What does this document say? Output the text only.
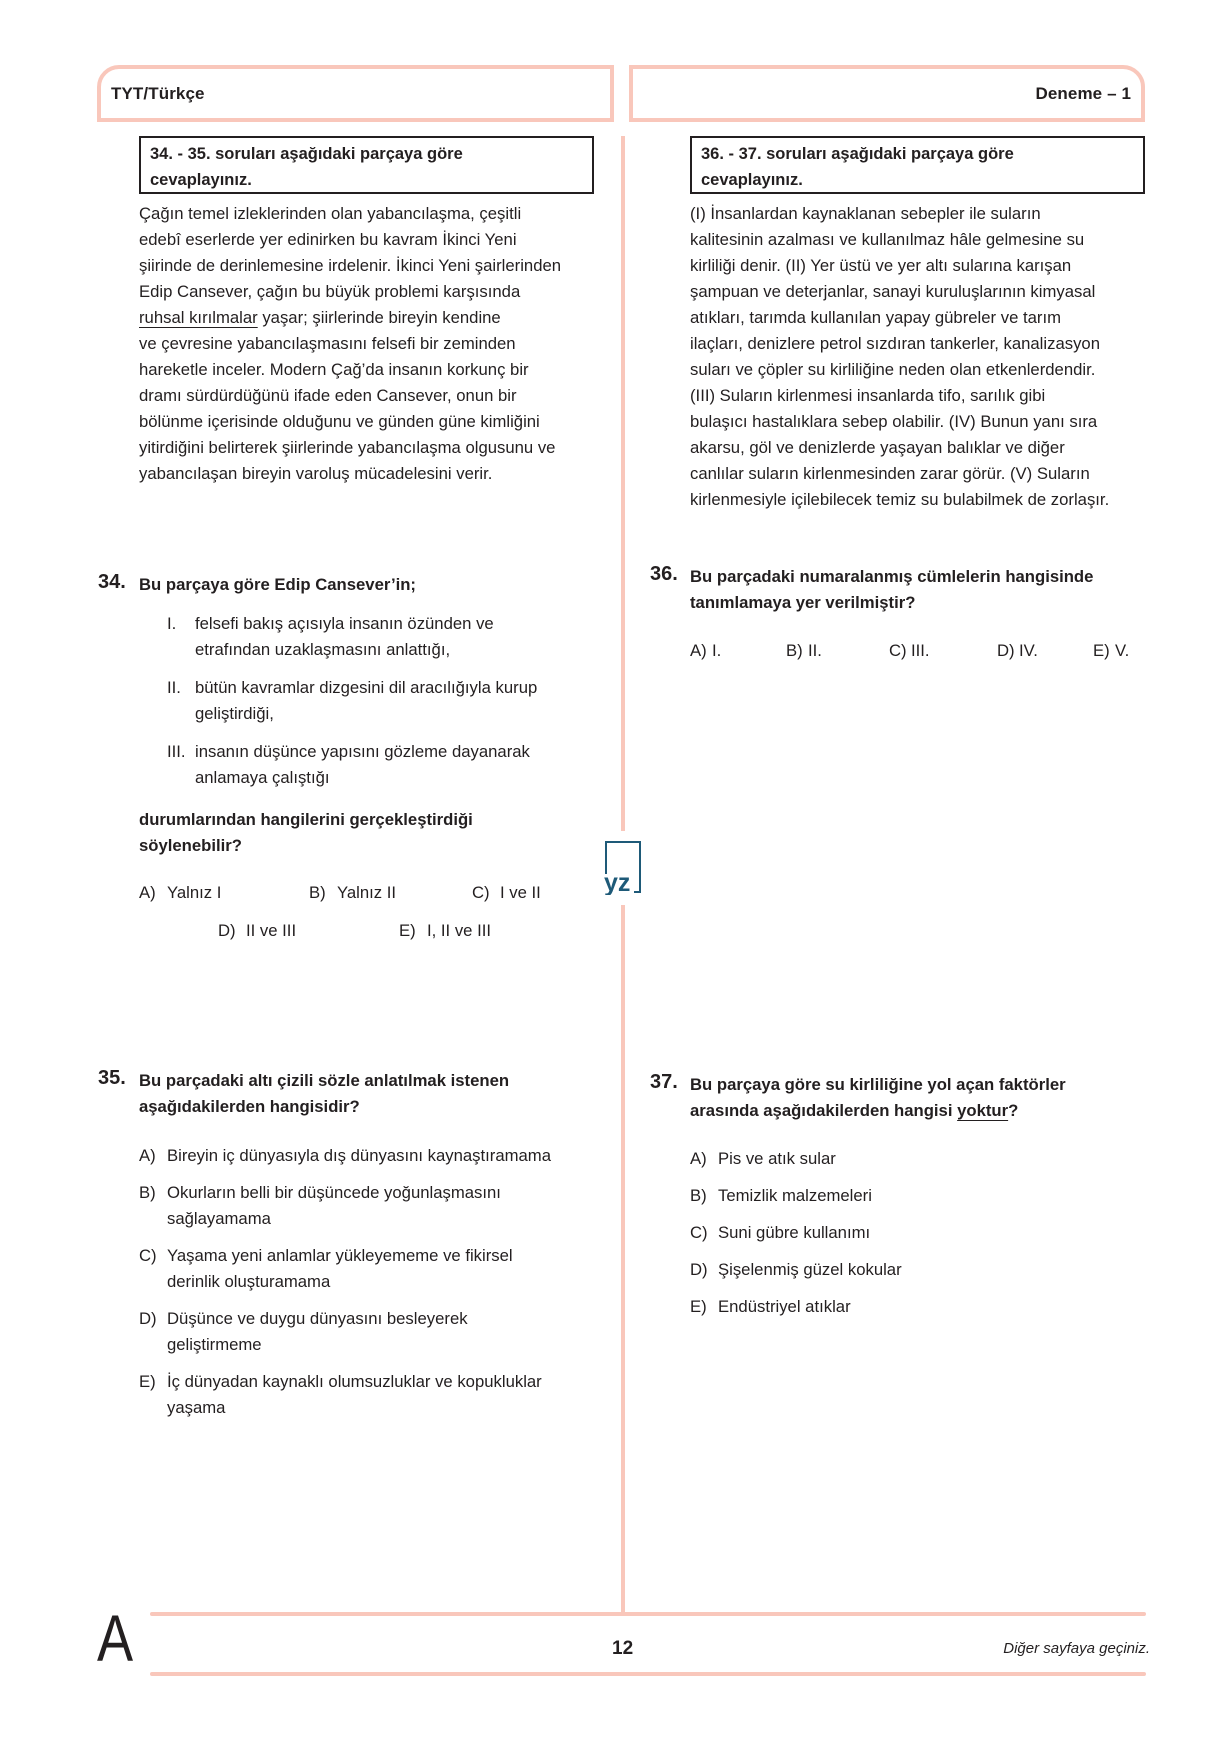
TYT/Türkçe	Deneme – 1
yz
34. - 35. soruları aşağıdaki parçaya göre
cevaplayınız.
Çağın temel izleklerinden olan yabancılaşma, çeşitli
edebî eserlerde yer edinirken bu kavram İkinci Yeni
şiirinde de derinlemesine irdelenir. İkinci Yeni şairlerinden
Edip Cansever, çağın bu büyük problemi karşısında
ruhsal kırılmalar yaşar; şiirlerinde bireyin kendine
ve çevresine yabancılaşmasını felsefi bir zeminden
hareketle inceler. Modern Çağ’da insanın korkunç bir
dramı sürdürdüğünü ifade eden Cansever, onun bir
bölünme içerisinde olduğunu ve günden güne kimliğini
yitirdiğini belirterek şiirlerinde yabancılaşma olgusunu ve
yabancılaşan bireyin varoluş mücadelesini verir.
34. Bu parçaya göre Edip Cansever’in;
I. felsefi bakış açısıyla insanın özünden ve
etrafından uzaklaşmasını anlattığı,
II. bütün kavramlar dizgesini dil aracılığıyla kurup
geliştirdiği,
III. insanın düşünce yapısını gözleme dayanarak
anlamaya çalıştığı
durumlarından hangilerini gerçekleştirdiği
söylenebilir?
A) Yalnız I	B) Yalnız II	C) I ve II
D) II ve III	E) I, II ve III
35. Bu parçadaki altı çizili sözle anlatılmak istenen
aşağıdakilerden hangisidir?
A) Bireyin iç dünyasıyla dış dünyasını kaynaştıramama
B) Okurların belli bir düşüncede yoğunlaşmasını
sağlayamama
C) Yaşama yeni anlamlar yükleyememe ve fikirsel
derinlik oluşturamama
D) Düşünce ve duygu dünyasını besleyerek
geliştirmeme
E) İç dünyadan kaynaklı olumsuzluklar ve kopukluklar
yaşama
36. - 37. soruları aşağıdaki parçaya göre
cevaplayınız.
(I) İnsanlardan kaynaklanan sebepler ile suların
kalitesinin azalması ve kullanılmaz hâle gelmesine su
kirliliği denir. (II) Yer üstü ve yer altı sularına karışan
şampuan ve deterjanlar, sanayi kuruluşlarının kimyasal
atıkları, tarımda kullanılan yapay gübreler ve tarım
ilaçları, denizlere petrol sızdıran tankerler, kanalizasyon
suları ve çöpler su kirliliğine neden olan etkenlerdendir.
(III) Suların kirlenmesi insanlarda tifo, sarılık gibi
bulaşıcı hastalıklara sebep olabilir. (IV) Bunun yanı sıra
akarsu, göl ve denizlerde yaşayan balıklar ve diğer
canlılar suların kirlenmesinden zarar görür. (V) Suların
kirlenmesiyle içilebilecek temiz su bulabilmek de zorlaşır.
36. Bu parçadaki numaralanmış cümlelerin hangisinde
tanımlamaya yer verilmiştir?
A) I.	B) II.	C) III.	D) IV.	E) V.
37. Bu parçaya göre su kirliliğine yol açan faktörler
arasında aşağıdakilerden hangisi yoktur?
A) Pis ve atık sular
B) Temizlik malzemeleri
C) Suni gübre kullanımı
D) Şişelenmiş güzel kokular
E) Endüstriyel atıklar
A	12	Diğer sayfaya geçiniz.
